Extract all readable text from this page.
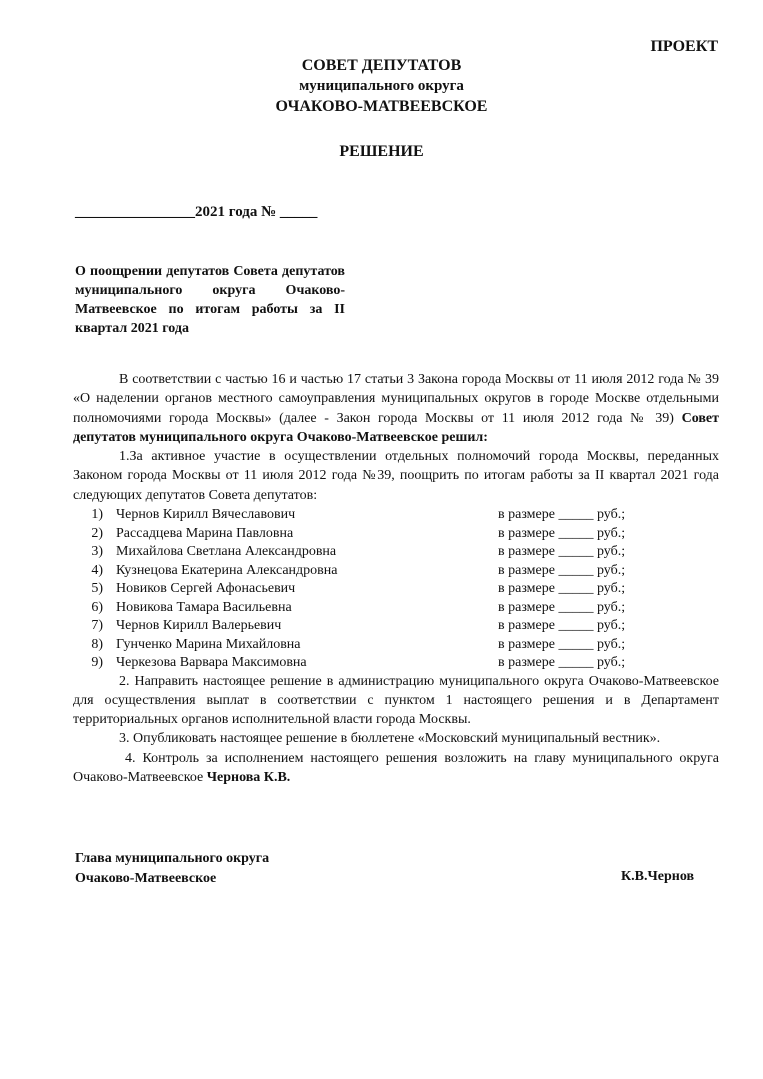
ПРОЕКТ
СОВЕТ ДЕПУТАТОВ
муниципального округа
ОЧАКОВО-МАТВЕЕВСКОЕ
РЕШЕНИЕ
________________2021 года № _____
О поощрении депутатов Совета депутатов муниципального округа Очаково-Матвеевское по итогам работы за II квартал 2021 года

В соответствии с частью 16 и частью 17 статьи 3 Закона города Москвы от 11 июля 2012 года № 39 «О наделении органов местного самоуправления муниципальных округов в городе Москве отдельными полномочиями города Москвы» (далее - Закон города Москвы от 11 июля 2012 года № 39) Совет депутатов муниципального округа Очаково-Матвеевское решил:

1.За активное участие в осуществлении отдельных полномочий города Москвы, переданных Законом города Москвы от 11 июля 2012 года №39, поощрить по итогам работы за II квартал 2021 года следующих депутатов Совета депутатов:

1) Чернов Кирилл Вячеславович	в размере _____ руб.;
2) Рассадцева Марина Павловна	в размере _____ руб.;
3) Михайлова Светлана Александровна	в размере _____ руб.;
4) Кузнецова Екатерина Александровна	в размере _____ руб.;
5) Новиков Сергей Афонасьевич	в размере _____ руб.;
6) Новикова Тамара Васильевна	в размере _____ руб.;
7) Чернов Кирилл Валерьевич	в размере _____ руб.;
8) Гунченко Марина Михайловна	в размере _____ руб.;
9) Черкезова Варвара Максимовна	в размере _____ руб.;

2. Направить настоящее решение в администрацию муниципального округа Очаково-Матвеевское для осуществления выплат в соответствии с пунктом 1 настоящего решения и в Департамент территориальных органов исполнительной власти города Москвы.

3. Опубликовать настоящее решение в бюллетене «Московский муниципальный вестник».

4. Контроль за исполнением настоящего решения возложить на главу муниципального округа Очаково-Матвеевское Чернова К.В.

Глава муниципального округа
Очаково-Матвеевское	К.В.Чернов
